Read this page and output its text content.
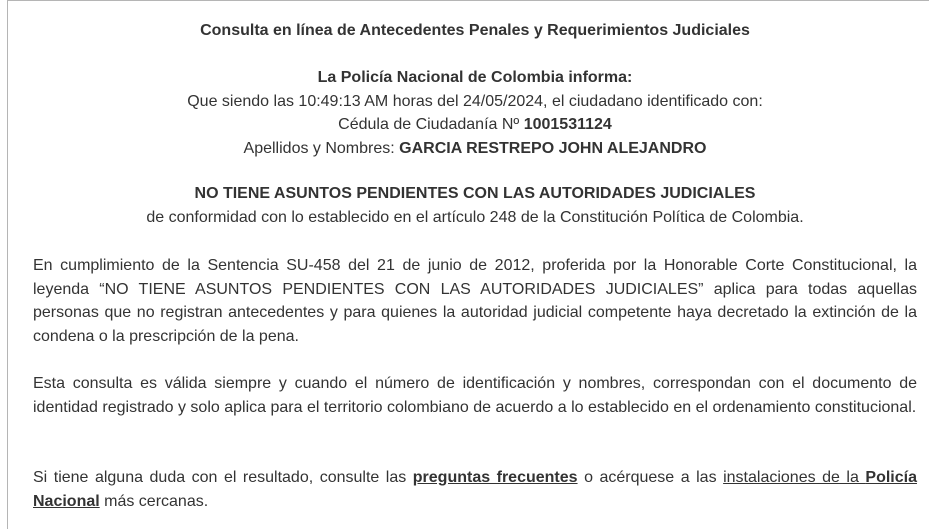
Consulta en línea de Antecedentes Penales y Requerimientos Judiciales
La Policía Nacional de Colombia informa:
Que siendo las 10:49:13 AM horas del 24/05/2024, el ciudadano identificado con:
Cédula de Ciudadanía Nº 1001531124
Apellidos y Nombres: GARCIA RESTREPO JOHN ALEJANDRO
NO TIENE ASUNTOS PENDIENTES CON LAS AUTORIDADES JUDICIALES
de conformidad con lo establecido en el artículo 248 de la Constitución Política de Colombia.
En cumplimiento de la Sentencia SU-458 del 21 de junio de 2012, proferida por la Honorable Corte Constitucional, la leyenda “NO TIENE ASUNTOS PENDIENTES CON LAS AUTORIDADES JUDICIALES” aplica para todas aquellas personas que no registran antecedentes y para quienes la autoridad judicial competente haya decretado la extinción de la condena o la prescripción de la pena.
Esta consulta es válida siempre y cuando el número de identificación y nombres, correspondan con el documento de identidad registrado y solo aplica para el territorio colombiano de acuerdo a lo establecido en el ordenamiento constitucional.
Si tiene alguna duda con el resultado, consulte las preguntas frecuentes o acérquese a las instalaciones de la Policía Nacional más cercanas.
